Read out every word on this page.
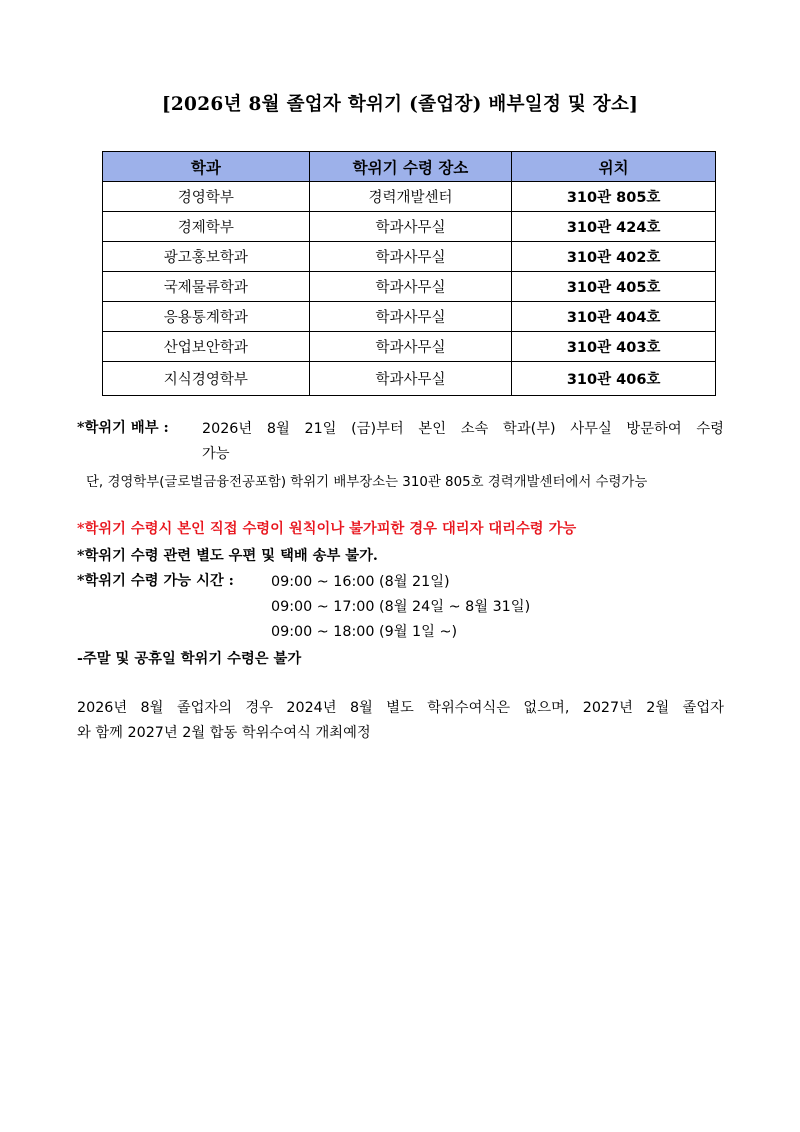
[2026년 8월 졸업자 학위기 (졸업장) 배부일정 및 장소]
학과	학위기 수령 장소	위치
경영학부	경력개발센터	310관 805호
경제학부	학과사무실	310관 424호
광고홍보학과	학과사무실	310관 402호
국제물류학과	학과사무실	310관 405호
응용통계학과	학과사무실	310관 404호
산업보안학과	학과사무실	310관 403호
지식경영학부	학과사무실	310관 406호
*학위기 배부 : 2026년 8월 21일 (금)부터 본인 소속 학과(부) 사무실 방문하여 수령
가능
단, 경영학부(글로벌금융전공포함) 학위기 배부장소는 310관 805호 경력개발센터에서 수령가능
*학위기 수령시 본인 직접 수령이 원칙이나 불가피한 경우 대리자 대리수령 가능
*학위기 수령 관련 별도 우편 및 택배 송부 불가.
*학위기 수령 가능 시간 :	09:00 ~ 16:00 (8월 21일)
09:00 ~ 17:00 (8월 24일 ~ 8월 31일)
09:00 ~ 18:00 (9월 1일 ~)
-주말 및 공휴일 학위기 수령은 불가
2026년 8월 졸업자의 경우 2024년 8월 별도 학위수여식은 없으며, 2027년 2월 졸업자
와 함께 2027년 2월 합동 학위수여식 개최예정
